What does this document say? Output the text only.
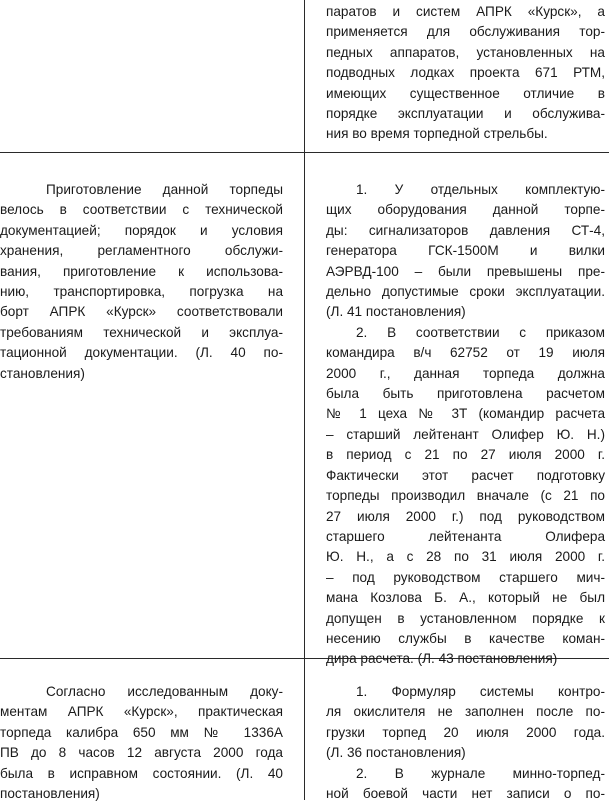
паратов и систем АПРК «Курск», а
применяется для обслуживания тор-
педных аппаратов, установленных на
подводных лодках проекта 671 РТМ,
имеющих существенное отличие в
порядке эксплуатации и обслужива-
ния во время торпедной стрельбы.
Приготовление данной торпеды
велось в соответствии с технической
документацией; порядок и условия
хранения, регламентного обслужи-
вания, приготовление к использова-
нию, транспортировка, погрузка на
борт АПРК «Курск» соответствовали
требованиям технической и эксплуа-
тационной документации. (Л. 40 по-
становления)
1. У отдельных комплектую-
щих оборудования данной торпе-
ды: сигнализаторов давления СТ-4,
генератора ГСК-1500М и вилки
АЭРВД-100 – были превышены пре-
дельно допустимые сроки эксплуатации.
(Л. 41 постановления)
2. В соответствии с приказом
командира в/ч 62752 от 19 июля
2000 г., данная торпеда должна
была быть приготовлена расчетом
№ 1 цеха № 3Т (командир расчета
– старший лейтенант Олифер Ю. Н.)
в период с 21 по 27 июля 2000 г.
Фактически этот расчет подготовку
торпеды производил вначале (с 21 по
27 июля 2000 г.) под руководством
старшего лейтенанта Олифера
Ю. Н., а с 28 по 31 июля 2000 г.
– под руководством старшего мич-
мана Козлова Б. А., который не был
допущен в установленном порядке к
несению службы в качестве коман-
дира расчета. (Л. 43 постановления)
Согласно исследованным доку-
ментам АПРК «Курск», практическая
торпеда калибра 650 мм № 1336А
ПВ до 8 часов 12 августа 2000 года
была в исправном состоянии. (Л. 40
постановления)
1. Формуляр системы контро-
ля окислителя не заполнен после по-
грузки торпед 20 июля 2000 года.
(Л. 36 постановления)
2. В журнале минно-торпед-
ной боевой части нет записи о по-
